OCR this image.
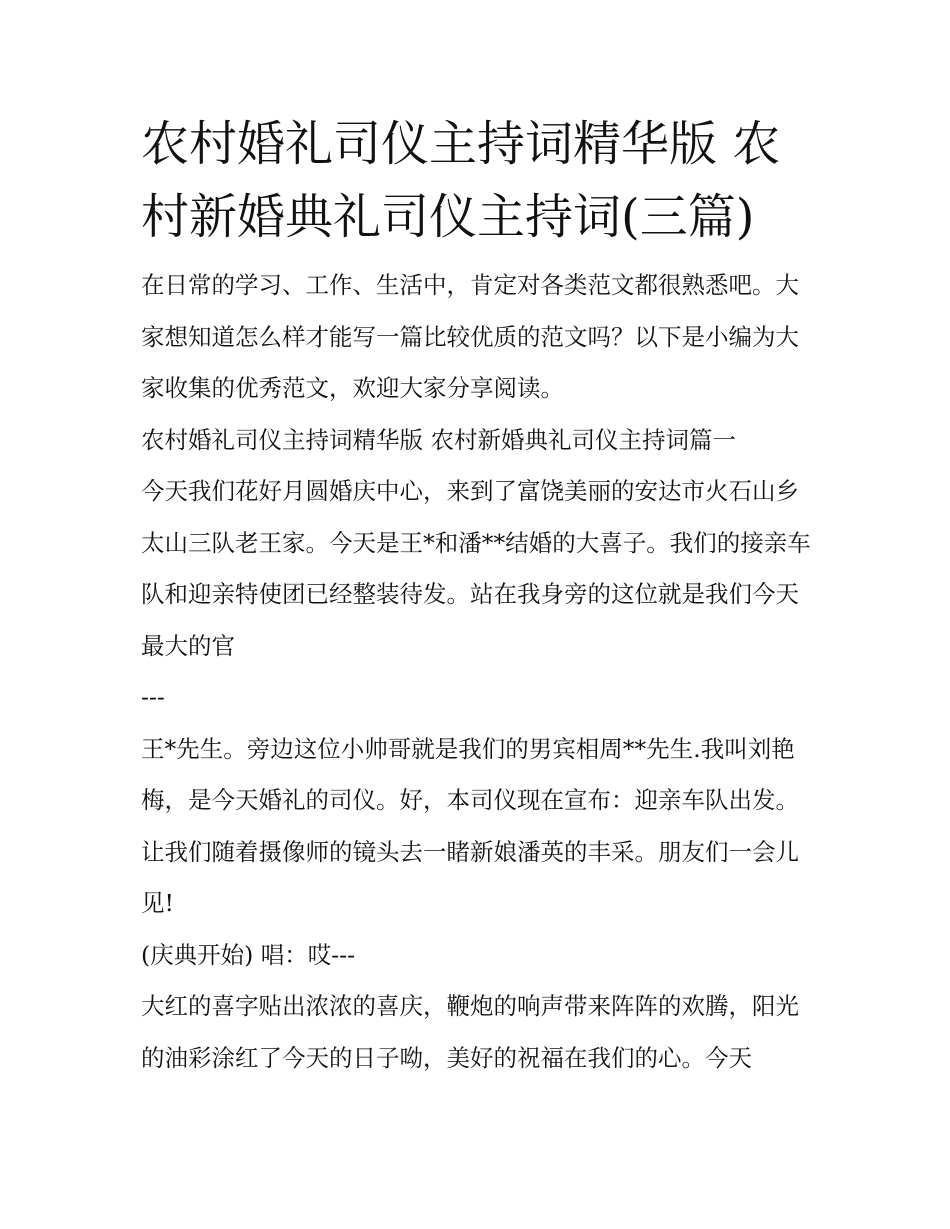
农村婚礼司仪主持词精华版 农村新婚典礼司仪主持词(三篇)

在日常的学习、工作、生活中，肯定对各类范文都很熟悉吧。大家想知道怎么样才能写一篇比较优质的范文吗？以下是小编为大家收集的优秀范文，欢迎大家分享阅读。

农村婚礼司仪主持词精华版 农村新婚典礼司仪主持词篇一

今天我们花好月圆婚庆中心，来到了富饶美丽的安达市火石山乡太山三队老王家。今天是王*和潘**结婚的大喜子。我们的接亲车队和迎亲特使团已经整装待发。站在我身旁的这位就是我们今天最大的官

---

王*先生。旁边这位小帅哥就是我们的男宾相周**先生.我叫刘艳梅，是今天婚礼的司仪。好，本司仪现在宣布：迎亲车队出发。让我们随着摄像师的镜头去一睹新娘潘英的丰采。朋友们一会儿见!

(庆典开始) 唱：哎---

大红的喜字贴出浓浓的喜庆，鞭炮的响声带来阵阵的欢腾，阳光的油彩涂红了今天的日子呦，美好的祝福在我们的心。今天
